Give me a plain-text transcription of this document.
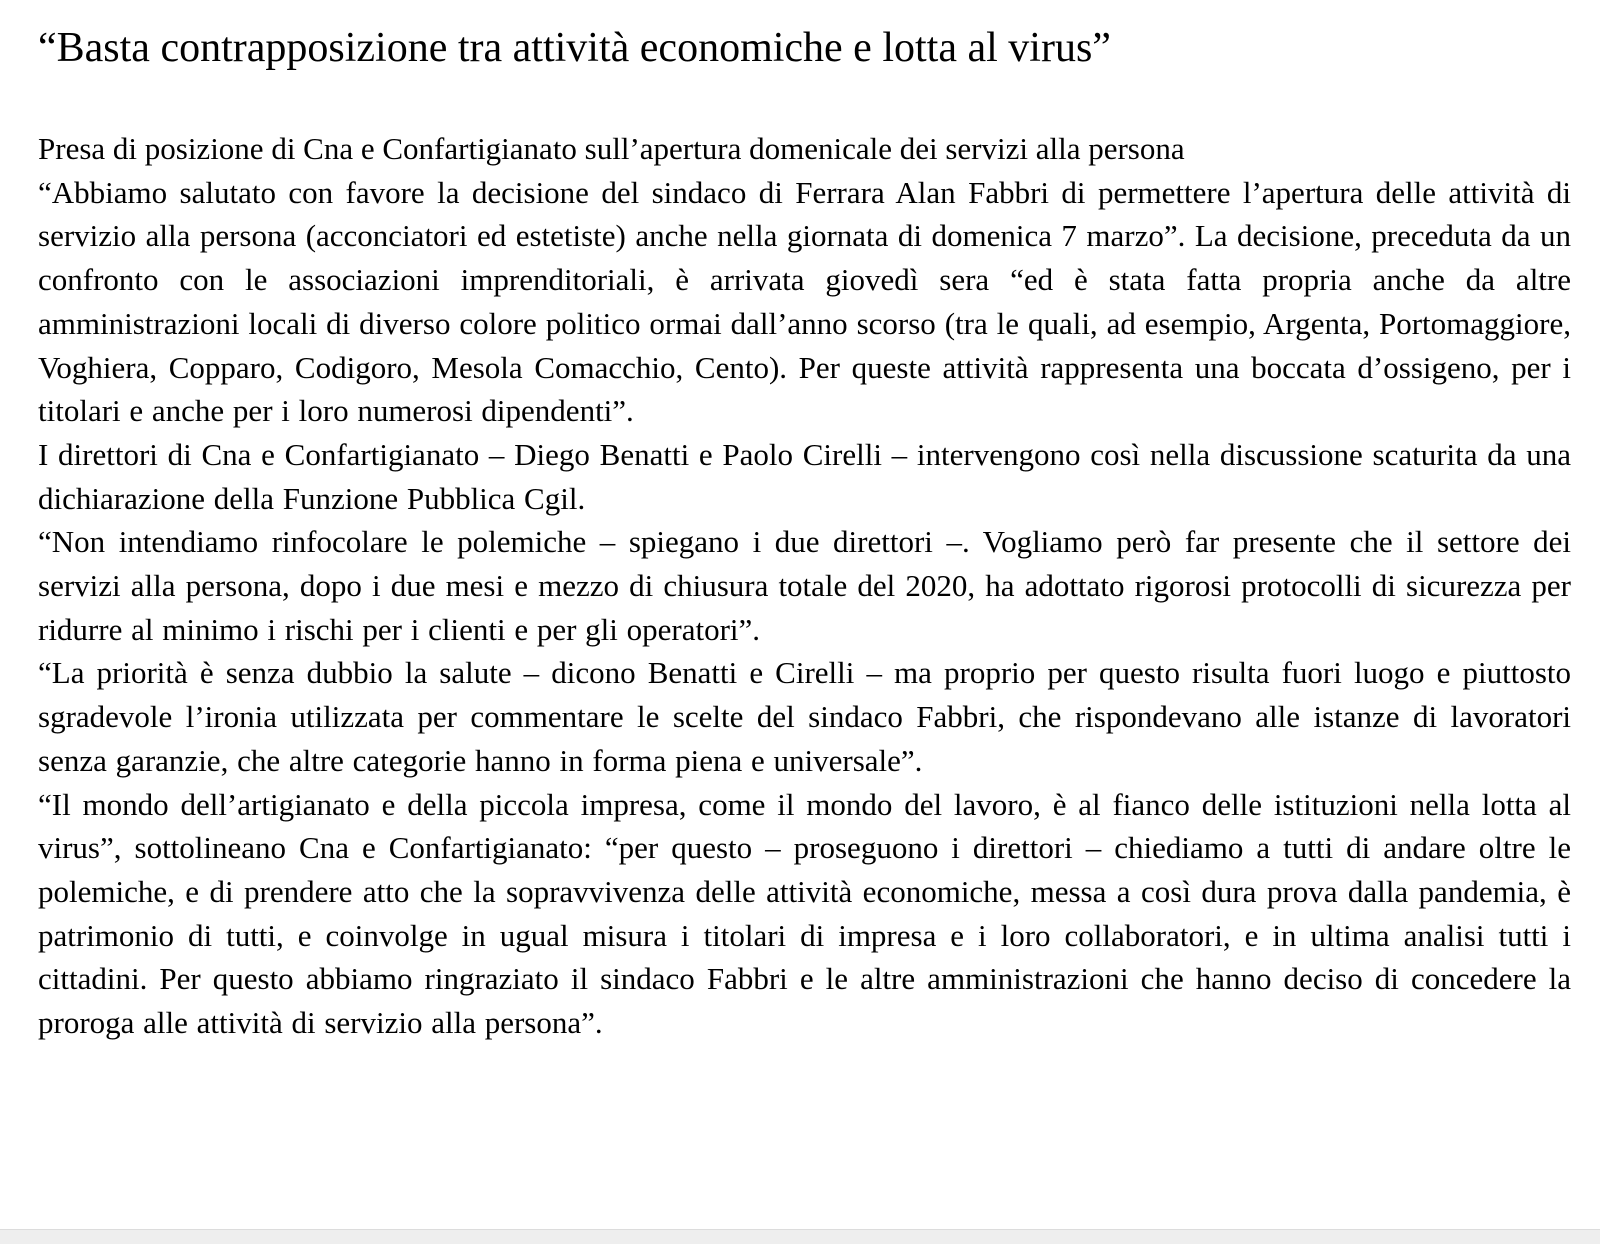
“Basta contrapposizione tra attività economiche e lotta al virus”

Presa di posizione di Cna e Confartigianato sull’apertura domenicale dei servizi alla persona

“Abbiamo salutato con favore la decisione del sindaco di Ferrara Alan Fabbri di permettere l’apertura delle attività di servizio alla persona (acconciatori ed estetiste) anche nella giornata di domenica 7 marzo”. La decisione, preceduta da un confronto con le associazioni imprenditoriali, è arrivata giovedì sera “ed è stata fatta propria anche da altre amministrazioni locali di diverso colore politico ormai dall’anno scorso (tra le quali, ad esempio, Argenta, Portomaggiore, Voghiera, Copparo, Codigoro, Mesola Comacchio, Cento). Per queste attività rappresenta una boccata d’ossigeno, per i titolari e anche per i loro numerosi dipendenti”.

I direttori di Cna e Confartigianato – Diego Benatti e Paolo Cirelli – intervengono così nella discussione scaturita da una dichiarazione della Funzione Pubblica Cgil.

“Non intendiamo rinfocolare le polemiche – spiegano i due direttori –. Vogliamo però far presente che il settore dei servizi alla persona, dopo i due mesi e mezzo di chiusura totale del 2020, ha adottato rigorosi protocolli di sicurezza per ridurre al minimo i rischi per i clienti e per gli operatori”.

“La priorità è senza dubbio la salute – dicono Benatti e Cirelli – ma proprio per questo risulta fuori luogo e piuttosto sgradevole l’ironia utilizzata per commentare le scelte del sindaco Fabbri, che rispondevano alle istanze di lavoratori senza garanzie, che altre categorie hanno in forma piena e universale”.

“Il mondo dell’artigianato e della piccola impresa, come il mondo del lavoro, è al fianco delle istituzioni nella lotta al virus”, sottolineano Cna e Confartigianato: “per questo – proseguono i direttori – chiediamo a tutti di andare oltre le polemiche, e di prendere atto che la sopravvivenza delle attività economiche, messa a così dura prova dalla pandemia, è patrimonio di tutti, e coinvolge in ugual misura i titolari di impresa e i loro collaboratori, e in ultima analisi tutti i cittadini. Per questo abbiamo ringraziato il sindaco Fabbri e le altre amministrazioni che hanno deciso di concedere la proroga alle attività di servizio alla persona”.
